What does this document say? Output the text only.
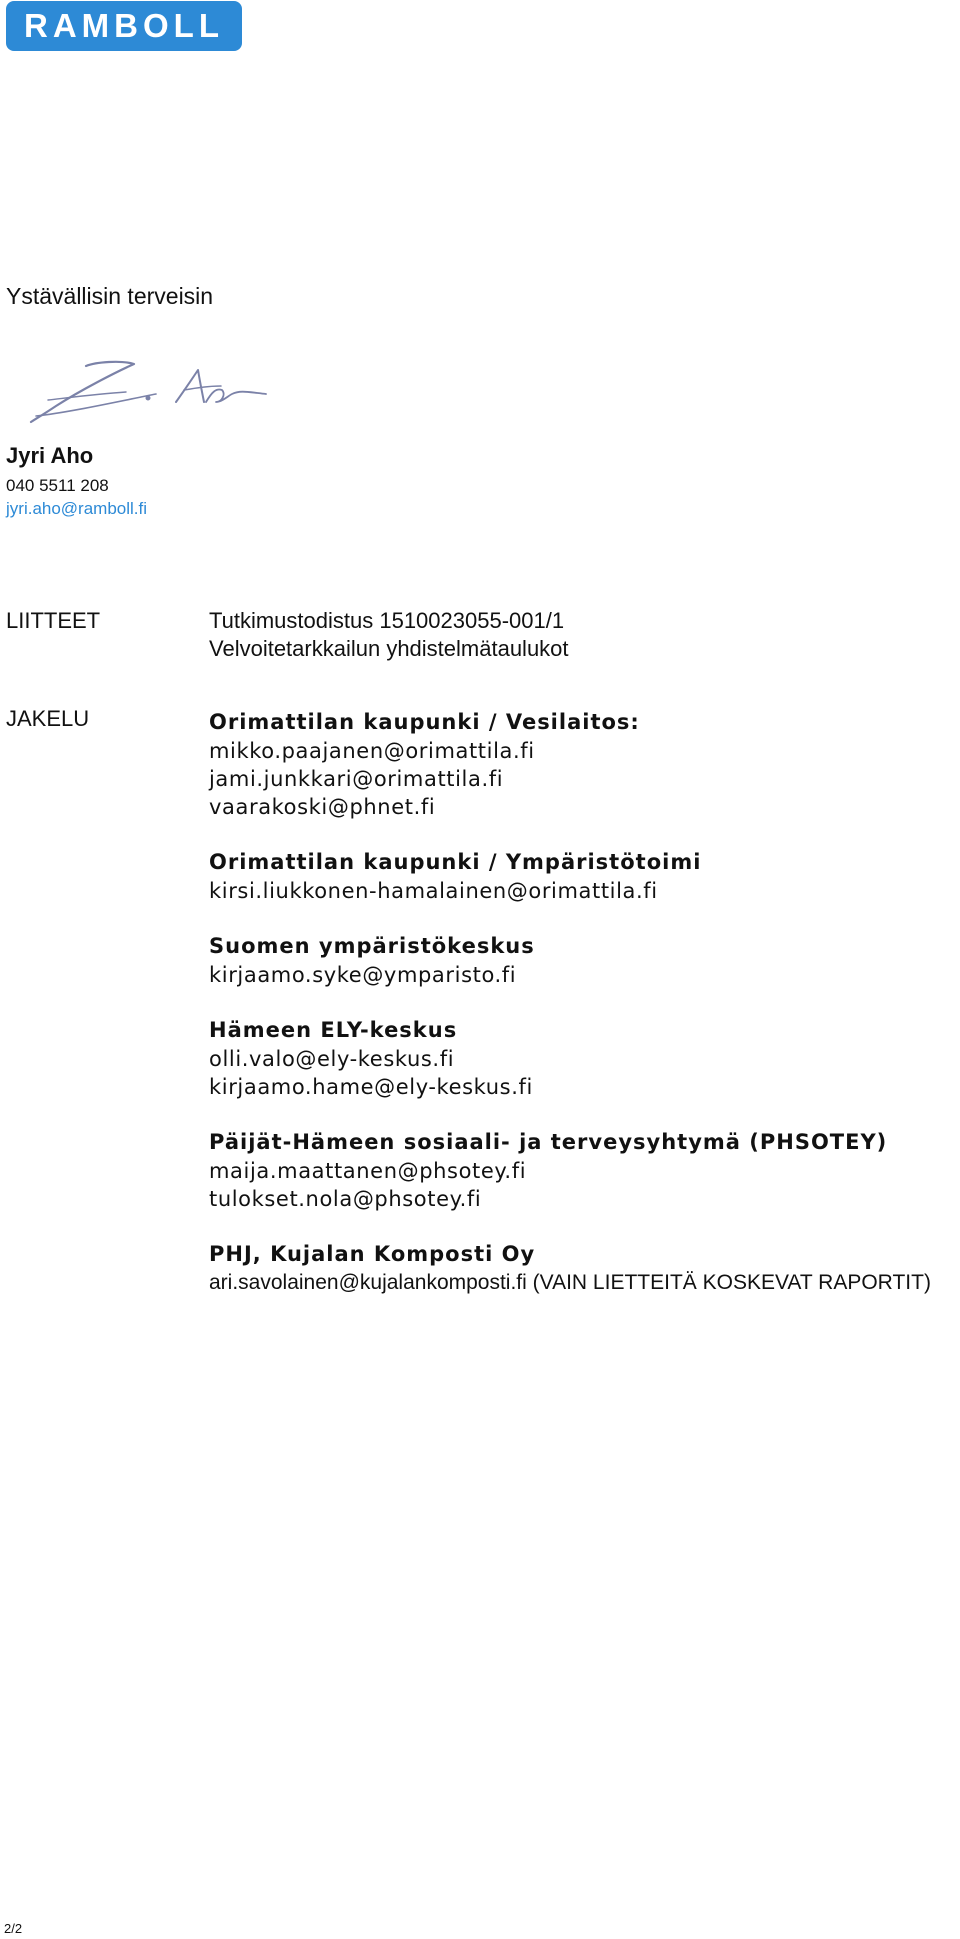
RAMBOLL
Ystävällisin terveisin
Jyri Aho
040 5511 208
jyri.aho@ramboll.fi
LIITTEET	Tutkimustodistus 1510023055-001/1
Velvoitetarkkailun yhdistelmätaulukot
JAKELU	Orimattilan kaupunki / Vesilaitos:
mikko.paajanen@orimattila.fi
jami.junkkari@orimattila.fi
vaarakoski@phnet.fi
Orimattilan kaupunki / Ympäristötoimi
kirsi.liukkonen-hamalainen@orimattila.fi
Suomen ympäristökeskus
kirjaamo.syke@ymparisto.fi
Hämeen ELY-keskus
olli.valo@ely-keskus.fi
kirjaamo.hame@ely-keskus.fi
Päijät-Hämeen sosiaali- ja terveysyhtymä (PHSOTEY)
maija.maattanen@phsotey.fi
tulokset.nola@phsotey.fi
PHJ, Kujalan Komposti Oy
ari.savolainen@kujalankomposti.fi (VAIN LIETTEITÄ KOSKEVAT RAPORTIT)
2/2
